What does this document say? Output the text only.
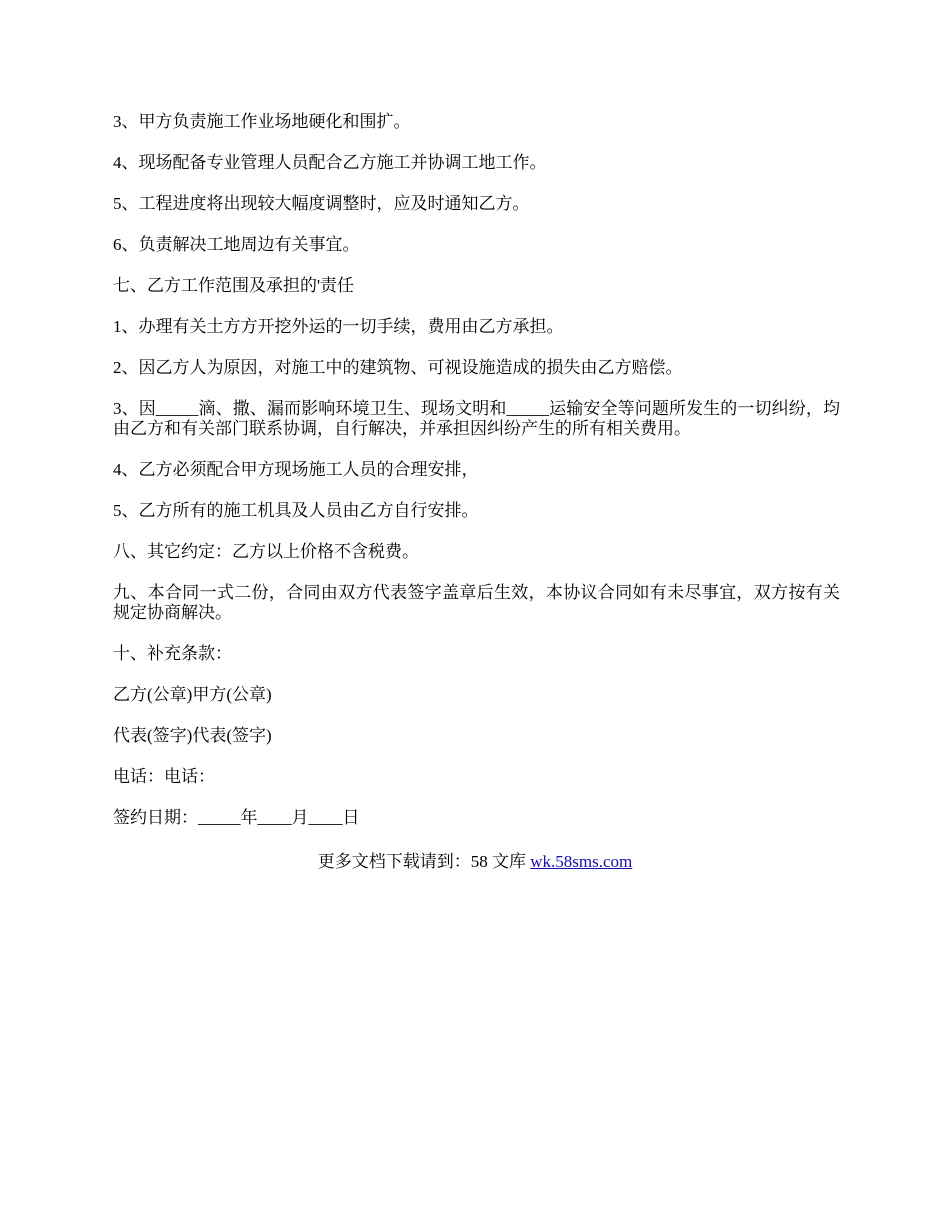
3、甲方负责施工作业场地硬化和围扩。

4、现场配备专业管理人员配合乙方施工并协调工地工作。

5、工程进度将出现较大幅度调整时，应及时通知乙方。

6、负责解决工地周边有关事宜。

七、乙方工作范围及承担的'责任

1、办理有关土方方开挖外运的一切手续，费用由乙方承担。

2、因乙方人为原因，对施工中的建筑物、可视设施造成的损失由乙方赔偿。

3、因_____滴、撒、漏而影响环境卫生、现场文明和_____运输安全等问题所发生的一切纠纷，均由乙方和有关部门联系协调，自行解决，并承担因纠纷产生的所有相关费用。

4、乙方必须配合甲方现场施工人员的合理安排，

5、乙方所有的施工机具及人员由乙方自行安排。

八、其它约定：乙方以上价格不含税费。

九、本合同一式二份，合同由双方代表签字盖章后生效，本协议合同如有未尽事宜，双方按有关规定协商解决。

十、补充条款：

乙方(公章)甲方(公章)

代表(签字)代表(签字)

电话：电话：

签约日期：_____年____月____日

更多文档下载请到：58 文库 wk.58sms.com
